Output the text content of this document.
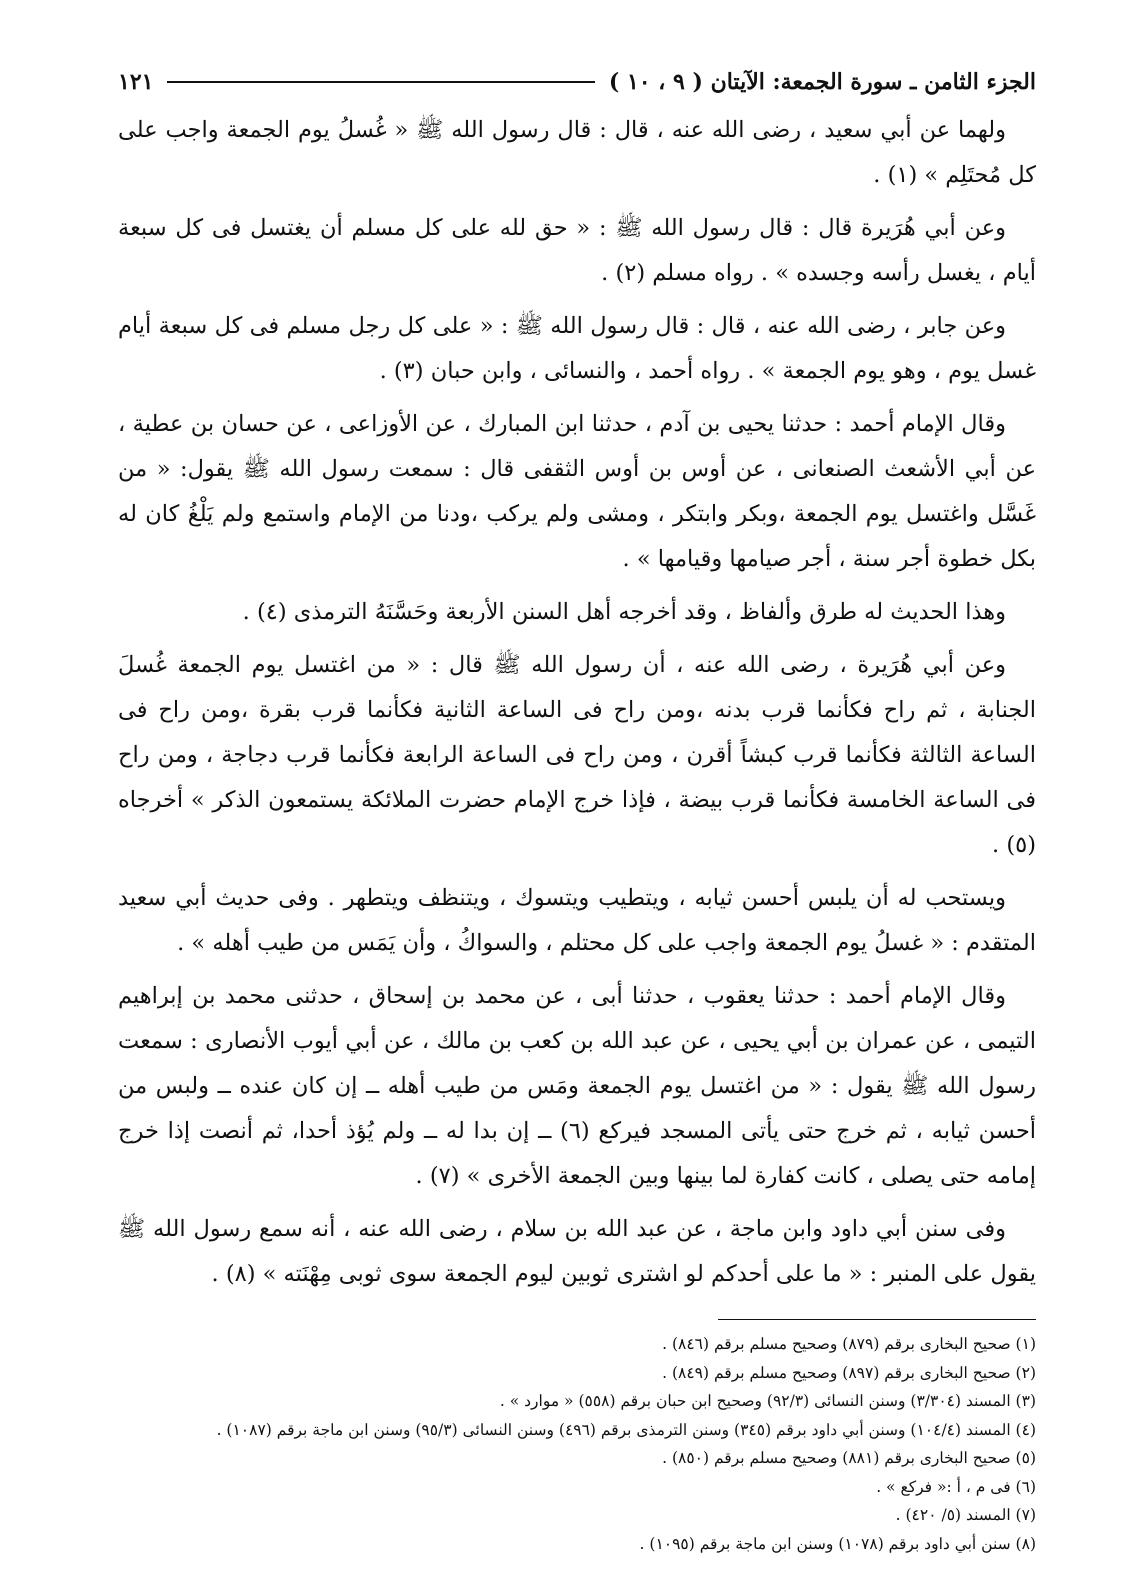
الجزء الثامن ـ سورة الجمعة: الآيتان ( ٩ ، ١٠ )
١٢١

ولهما عن أبي سعيد ، رضى الله عنه ، قال : قال رسول الله ﷺ « غُسلُ يوم الجمعة واجب على كل مُحتَلِم » (١) .

وعن أبي هُرَيرة قال : قال رسول الله ﷺ : « حق لله على كل مسلم أن يغتسل فى كل سبعة أيام ، يغسل رأسه وجسده » . رواه مسلم (٢) .

وعن جابر ، رضى الله عنه ، قال : قال رسول الله ﷺ : « على كل رجل مسلم فى كل سبعة أيام غسل يوم ، وهو يوم الجمعة » . رواه أحمد ، والنسائى ، وابن حبان (٣) .

وقال الإمام أحمد : حدثنا يحيى بن آدم ، حدثنا ابن المبارك ، عن الأوزاعى ، عن حسان بن عطية ، عن أبي الأشعث الصنعانى ، عن أوس بن أوس الثقفى قال : سمعت رسول الله ﷺ يقول: « من غَسَّل واغتسل يوم الجمعة ،وبكر وابتكر ، ومشى ولم يركب ،ودنا من الإمام واستمع ولم يَلْغُ كان له بكل خطوة أجر سنة ، أجر صيامها وقيامها » .

وهذا الحديث له طرق وألفاظ ، وقد أخرجه أهل السنن الأربعة وحَسَّنَهُ الترمذى (٤) .

وعن أبي هُرَيرة ، رضى الله عنه ، أن رسول الله ﷺ قال : « من اغتسل يوم الجمعة غُسلَ الجنابة ، ثم راح فكأنما قرب بدنه ،ومن راح فى الساعة الثانية فكأنما قرب بقرة ،ومن راح فى الساعة الثالثة فكأنما قرب كبشاً أقرن ، ومن راح فى الساعة الرابعة فكأنما قرب دجاجة ، ومن راح فى الساعة الخامسة فكأنما قرب بيضة ، فإذا خرج الإمام حضرت الملائكة يستمعون الذكر » أخرجاه (٥) .

ويستحب له أن يلبس أحسن ثيابه ، ويتطيب ويتسوك ، ويتنظف ويتطهر . وفى حديث أبي سعيد المتقدم : « غسلُ يوم الجمعة واجب على كل محتلم ، والسواكُ ، وأن يَمَس من طيب أهله » .

وقال الإمام أحمد : حدثنا يعقوب ، حدثنا أبى ، عن محمد بن إسحاق ، حدثنى محمد بن إبراهيم التيمى ، عن عمران بن أبي يحيى ، عن عبد الله بن كعب بن مالك ، عن أبي أيوب الأنصارى : سمعت رسول الله ﷺ يقول : « من اغتسل يوم الجمعة ومَس من طيب أهله ــ إن كان عنده ــ ولبس من أحسن ثيابه ، ثم خرج حتى يأتى المسجد فيركع (٦) ــ إن بدا له ــ ولم يُؤذ أحدا، ثم أنصت إذا خرج إمامه حتى يصلى ، كانت كفارة لما بينها وبين الجمعة الأخرى » (٧) .

وفى سنن أبي داود وابن ماجة ، عن عبد الله بن سلام ، رضى الله عنه ، أنه سمع رسول الله ﷺ يقول على المنبر : « ما على أحدكم لو اشترى ثوبين ليوم الجمعة سوى ثوبى مِهْنَته » (٨) .

(١) صحيح البخارى برقم (٨٧٩) وصحيح مسلم برقم (٨٤٦) .
(٢) صحيح البخارى برقم (٨٩٧) وصحيح مسلم برقم (٨٤٩) .
(٣) المسند (٣/٣٠٤) وسنن النسائى (٩٢/٣) وصحيح ابن حبان برقم (٥٥٨) « موارد » .
(٤) المسند (١٠٤/٤) وسنن أبي داود برقم (٣٤٥) وسنن الترمذى برقم (٤٩٦) وسنن النسائى (٩٥/٣) وسنن ابن ماجة برقم (١٠٨٧) .
(٥) صحيح البخارى برقم (٨٨١) وصحيح مسلم برقم (٨٥٠) .
(٦) فى م ، أ :« فركع » .
(٧) المسند (٥/ ٤٢٠) .
(٨) سنن أبي داود برقم (١٠٧٨) وسنن ابن ماجة برقم (١٠٩٥) .
